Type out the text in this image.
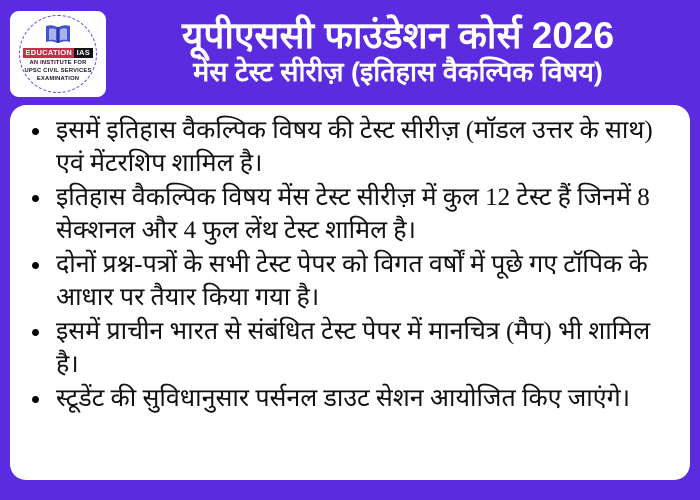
EDUCATION IAS
AN INSTITUTE FOR
UPSC CIVIL SERVICES
EXAMINATION
यूपीएससी फाउंडेशन कोर्स 2026
मेंस टेस्ट सीरीज़ (इतिहास वैकल्पिक विषय)
• इसमें इतिहास वैकल्पिक विषय की टेस्ट सीरीज़ (मॉडल उत्तर के साथ) एवं मेंटरशिप शामिल है।
• इतिहास वैकल्पिक विषय मेंस टेस्ट सीरीज़ में कुल 12 टेस्ट हैं जिनमें 8 सेक्शनल और 4 फुल लेंथ टेस्ट शामिल है।
• दोनों प्रश्न-पत्रों के सभी टेस्ट पेपर को विगत वर्षों में पूछे गए टॉपिक के आधार पर तैयार किया गया है।
• इसमें प्राचीन भारत से संबंधित टेस्ट पेपर में मानचित्र (मैप) भी शामिल है।
• स्टूडेंट की सुविधानुसार पर्सनल डाउट सेशन आयोजित किए जाएंगे।
